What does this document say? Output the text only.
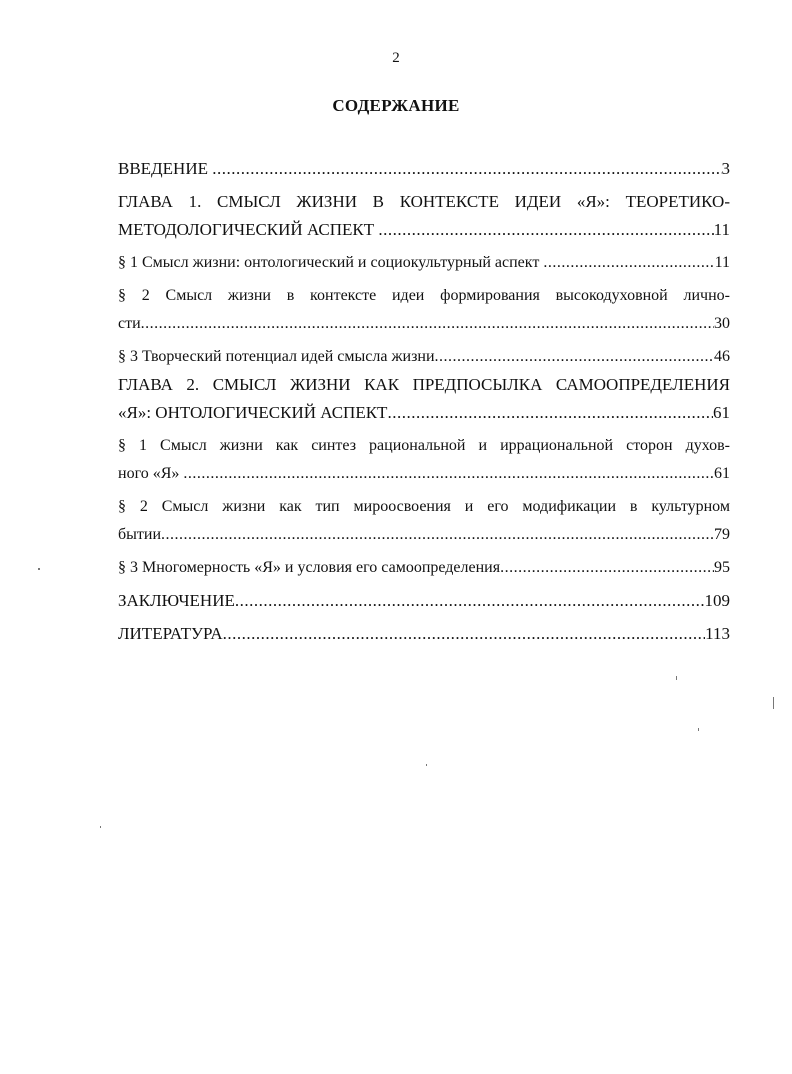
2
СОДЕРЖАНИЕ
ВВЕДЕНИЕ .....	3
ГЛАВА 1. СМЫСЛ ЖИЗНИ В КОНТЕКСТЕ ИДЕИ «Я»: ТЕОРЕТИКО-
МЕТОДОЛОГИЧЕСКИЙ АСПЕКТ .....	11
§ 1 Смысл жизни: онтологический и социокультурный аспект .....	11
§ 2 Смысл жизни в контексте идеи формирования высокодуховной лично-
сти .....	30
§ 3 Творческий потенциал идей смысла жизни .....	46
ГЛАВА 2. СМЫСЛ ЖИЗНИ КАК ПРЕДПОСЫЛКА САМООПРЕДЕЛЕНИЯ
«Я»: ОНТОЛОГИЧЕСКИЙ АСПЕКТ .....	61
§ 1 Смысл жизни как синтез рациональной и иррациональной сторон духов-
ного «Я» .....	61
§ 2 Смысл жизни как тип мироосвоения и его модификации в культурном
бытии .....	79
§ 3 Многомерность «Я» и условия его самоопределения .....	95
ЗАКЛЮЧЕНИЕ .....	109
ЛИТЕРАТУРА .....	113
